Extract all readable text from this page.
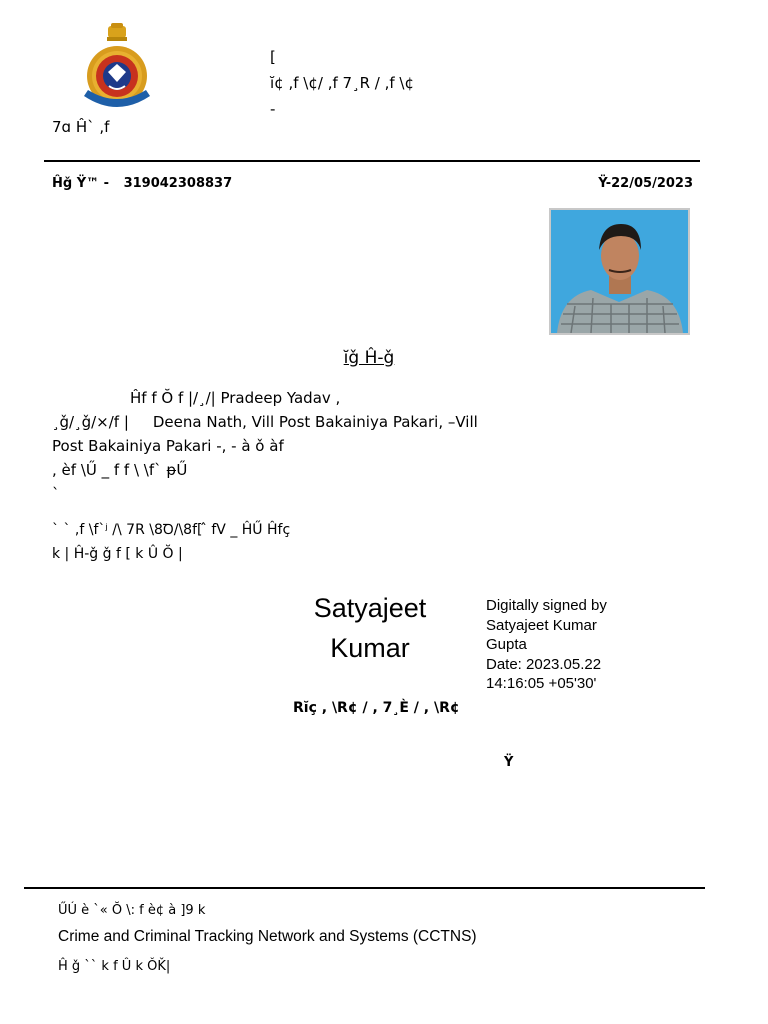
7ɑ Ĥ` ,f
[
ĭ¢ ,f \¢/ ,f 7¸R / ,f \¢
-
Ĥǧ Ÿ™ - 319042308837	Ÿ-22/05/2023
ĭǧ Ĥ-ǧ

Ĥf f Ŏ f |/¸/| Pradeep Yadav ,

¸ǧ/¸ǧ/×/f | Deena Nath, Vill Post Bakainiya Pakari, –Vill

Post Bakainiya Pakari -, - à ǒ àf

, èf \Ű _ f f \ \f` ᵽŰ

`

` ` ,f \f`ʲ /\ 7R \8Ꝺ/\8f[ ̂ fV _ ĤŰ Ĥfç

k | Ĥ-ǧ ǧ f [ k Û Ŏ |

Satyajeet
Kumar
Digitally signed by
Satyajeet Kumar
Gupta
Date: 2023.05.22
14:16:05 +05'30'
Rĭç , \R¢ / , 7¸È / , \R¢
Ÿ
ŰÚ è `« Ŏ \: f è¢ à ]9 k
Crime and Criminal Tracking Network and Systems (CCTNS)
Ĥ ǧ `` k f Û k ǑǨ|
